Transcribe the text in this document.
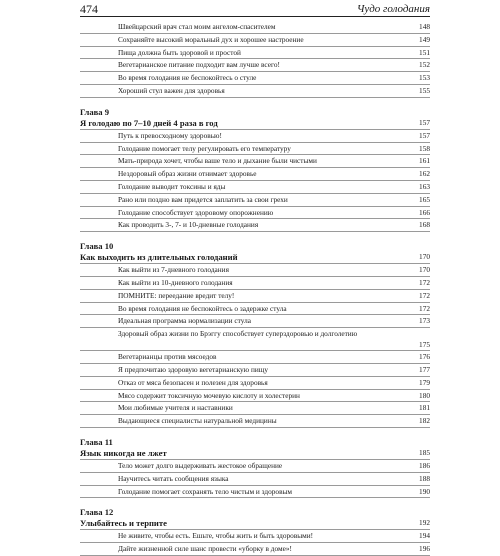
474	Чудо голодания
Швейцарский врач стал моим ангелом-спасителем	148
Сохраняйте высокий моральный дух и хорошее настроение	149
Пища должна быть здоровой и простой	151
Вегетарианское питание подходит вам лучше всего!	152
Во время голодания не беспокойтесь о стуле	153
Хороший стул важен для здоровья	155
Глава 9
Я голодаю по 7–10 дней 4 раза в год	157
Путь к превосходному здоровью!	157
Голодание помогает телу регулировать его температуру	158
Мать-природа хочет, чтобы ваше тело и дыхание были чистыми	161
Нездоровый образ жизни отнимает здоровье	162
Голодание выводит токсины и яды	163
Рано или поздно вам придется заплатить за свои грехи	165
Голодание способствует здоровому опорожнению	166
Как проводить 3-, 7- и 10-дневные голодания	168
Глава 10
Как выходить из длительных голоданий	170
Как выйти из 7-дневного голодания	170
Как выйти из 10-дневного голодания	172
ПОМНИТЕ: переедание вредит телу!	172
Во время голодания не беспокойтесь о задержке стула	172
Идеальная программа нормализации стула	173
Здоровый образ жизни по Брэггу способствует суперздоровью и долголетию
175
Вегетарианцы против мясоедов	176
Я предпочитаю здоровую вегетарианскую пищу	177
Отказ от мяса безопасен и полезен для здоровья	179
Мясо содержит токсичную мочевую кислоту и холестерин	180
Мои любимые учителя и наставники	181
Выдающиеся специалисты натуральной медицины	182
Глава 11
Язык никогда не лжет	185
Тело может долго выдерживать жестокое обращение	186
Научитесь читать сообщения языка	188
Голодание помогает сохранять тело чистым и здоровым	190
Глава 12
Улыбайтесь и терпите	192
Не живите, чтобы есть. Ешьте, чтобы жить и быть здоровыми!	194
Дайте жизненной силе шанс провести «уборку в доме»!	196
